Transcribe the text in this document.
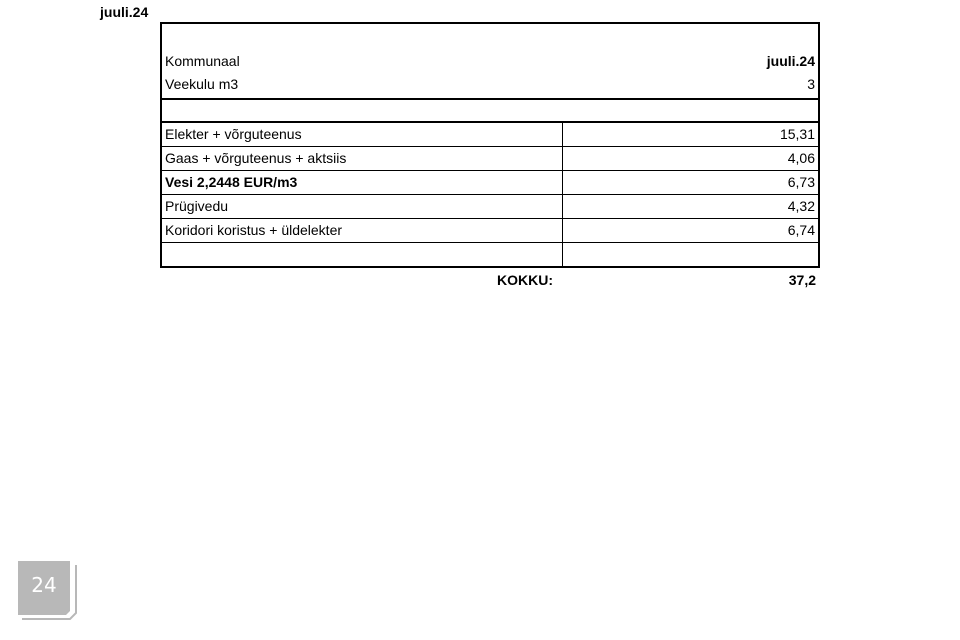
juuli.24
Kommunaal	juuli.24
Veekulu m3	3
Elekter + võrguteenus	15,31
Gaas + võrguteenus + aktsiis	4,06
Vesi 2,2448 EUR/m3	6,73
Prügivedu	4,32
Koridori koristus + üldelekter	6,74
KOKKU:	37,2
24
